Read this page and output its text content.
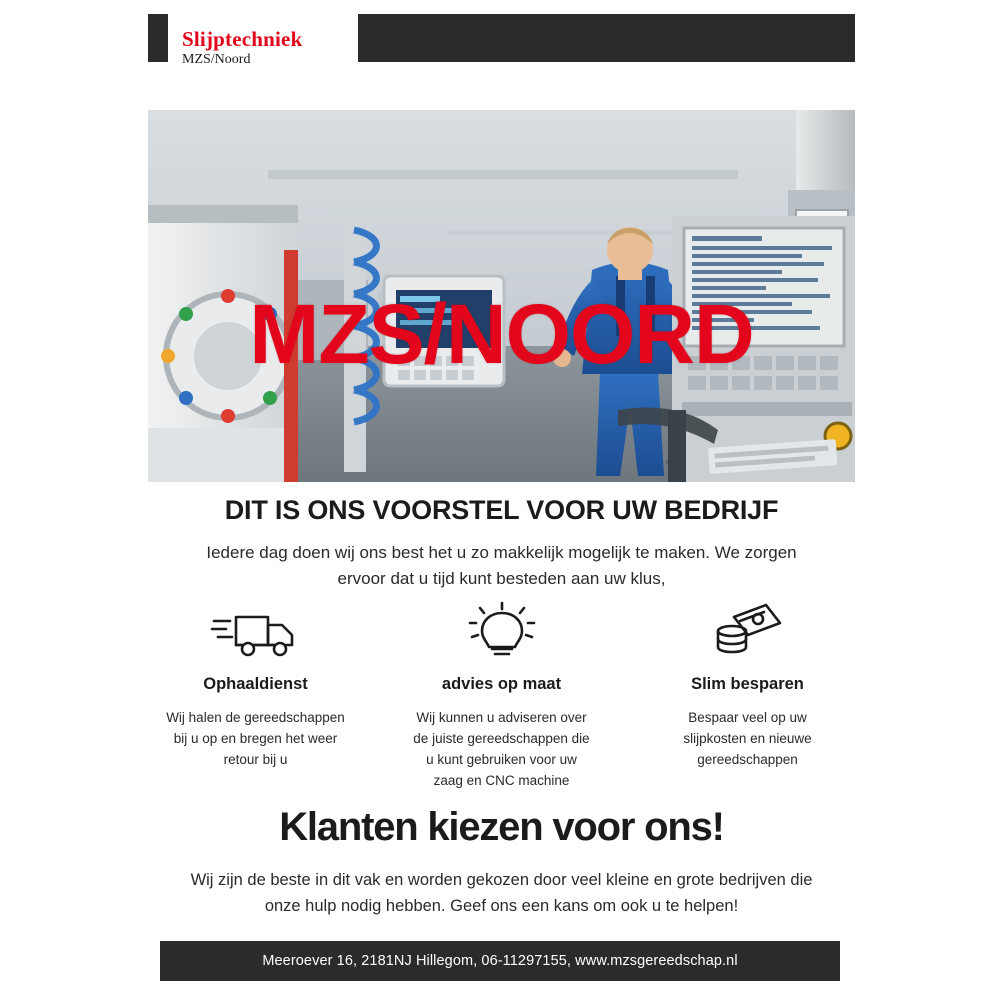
Slijptechniek
MZS/Noord
MZS/NOORD
DIT IS ONS VOORSTEL VOOR UW BEDRIJF

Iedere dag doen wij ons best het u zo makkelijk mogelijk te maken. We zorgen ervoor dat u tijd kunt besteden aan uw klus,

Ophaaldienst

Wij halen de gereedschappen bij u op en bregen het weer retour bij u

advies op maat

Wij kunnen u adviseren over de juiste gereedschappen die u kunt gebruiken voor uw zaag en CNC machine

Slim besparen

Bespaar veel op uw slijpkosten en nieuwe gereedschappen

Klanten kiezen voor ons!

Wij zijn de beste in dit vak en worden gekozen door veel kleine en grote bedrijven die onze hulp nodig hebben. Geef ons een kans om ook u te helpen!

Meeroever 16, 2181NJ Hillegom, 06-11297155, www.mzsgereedschap.nl
